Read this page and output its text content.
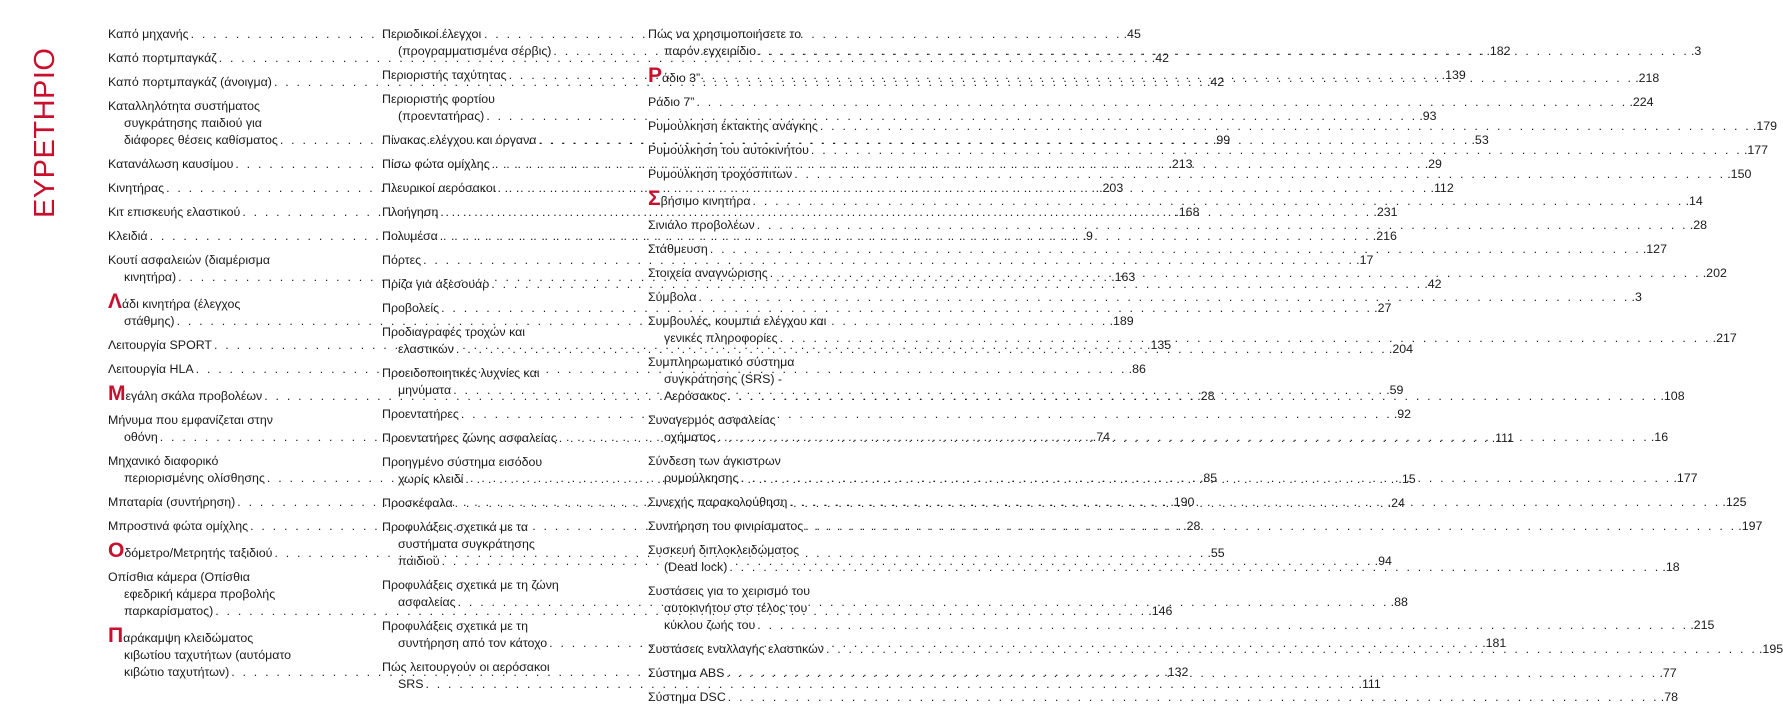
ΕΥΡΕΤΗΡΙΟ
Καπό μηχανής . . .	.45
Καπό πορτμπαγκάζ . . .	.42
Καπό πορτμπαγκάζ (άνοιγμα) . . .	.42
Καταλληλότητα συστήματος
συγκράτησης παιδιού για
διάφορες θέσεις καθίσματος . . .	.99
Κατανάλωση καυσίμου . . .	.213
Κινητήρας . . .	.203
Κιτ επισκευής ελαστικού . . .	.168
Κλειδιά . . .	.9
Κουτί ασφαλειών (διαμέρισμα
κινητήρα) . . .	.163
Λάδι κινητήρα (έλεγχος
στάθμης) . . .	.189
Λειτουργία SPORT . . .	.135
Λειτουργία HLA . . .	.86
Μεγάλη σκάλα προβολέων . . .	.28
Μήνυμα που εμφανίζεται στην
οθόνη . . .	.74
Μηχανικό διαφορικό
περιορισμένης ολίσθησης . . .	.85
Μπαταρία (συντήρηση) . . .	.190
Μπροστινά φώτα ομίχλης . . .	.28
Οδόμετρο/Μετρητής ταξιδιού . . .	.55
Οπίσθια κάμερα (Οπίσθια
εφεδρική κάμερα προβολής
παρκαρίσματος) . . .	.146
Παράκαμψη κλειδώματος
κιβωτίου ταχυτήτων (αυτόματο
κιβώτιο ταχυτήτων) . . .	.132
Περιοδικοί έλεγχοι
(προγραμματισμένα σέρβις) . . .	.182
Περιοριστής ταχύτητας . . .	.139
Περιοριστής φορτίου
(προεντατήρας) . . .	.93
Πίνακας ελέγχου και όργανα . . .	.53
Πίσω φώτα ομίχλης . . .	.29
Πλευρικοί αερόσακοι . . .	.112
Πλοήγηση . . .	.231
Πολυμέσα . . .	.216
Πόρτες . . .	.17
Πρίζα για αξεσουάρ . . .	.42
Προβολείς . . .	.27
Προδιαγραφές τροχών και
ελαστικών . . .	.204
Προειδοποιητικές λυχνίες και
μηνύματα . . .	.59
Προεντατήρες . . .	.92
Προεντατήρες ζώνης ασφαλείας . . .	.111
Προηγμένο σύστημα εισόδου
χωρίς κλειδί . . .	.15
Προσκέφαλα . . .	.24
Προφυλάξεις σχετικά με τα
συστήματα συγκράτησης
παιδιού . . .	.94
Προφυλάξεις σχετικά με τη ζώνη
ασφαλείας . . .	.88
Προφυλάξεις σχετικά με τη
συντήρηση από τον κάτοχο . . .	.181
Πώς λειτουργούν οι αερόσακοι
SRS . . .	.111
Πώς να χρησιμοποιήσετε το
παρόν εγχειρίδιο . . .	.3
Ράδιο 3” . . .	.218
Ράδιο 7” . . .	.224
Ρυμούλκηση έκτακτης ανάγκης . . .	.179
Ρυμούλκηση του αυτοκινήτου . . .	.177
Ρυμούλκηση τροχόσπιτων . . .	.150
Σβήσιμο κινητήρα . . .	.14
Σινιάλο προβολέων . . .	.28
Στάθμευση . . .	.127
Στοιχεία αναγνώρισης . . .	.202
Σύμβολα . . .	.3
Συμβουλές, κουμπιά ελέγχου και
γενικές πληροφορίες . . .	.217
Συμπληρωματικό σύστημα
συγκράτησης (SRS) -
Αερόσακος . . .	.108
Συναγερμός ασφαλείας
οχήματος . . .	.16
Σύνδεση των άγκιστρων
ρυμούλκησης . . .	.177
Συνεχής παρακολούθηση . . .	.125
Συντήρηση του φινιρίσματος . . .	.197
Συσκευή διπλοκλειδώματος
(Dead lock) . . .	.18
Συστάσεις για το χειρισμό του
αυτοκινήτου στο τέλος του
κύκλου ζωής του . . .	.215
Συστάσεις εναλλαγής ελαστικών . . .	.195
Σύστημα ABS . . .	.77
Σύστημα DSC . . .	.78
